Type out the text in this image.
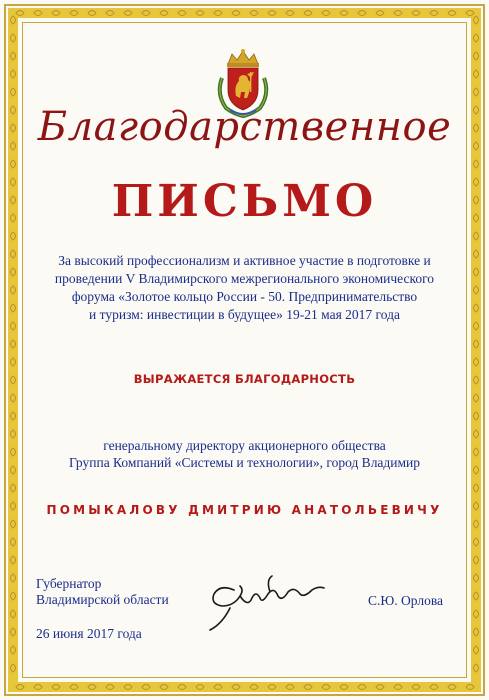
Благодарственное
ПИСЬМО
За высокий профессионализм и активное участие в подготовке и
проведении V Владимирского межрегионального экономического
форума «Золотое кольцо России - 50. Предпринимательство
и туризм: инвестиции в будущее» 19-21 мая 2017 года
ВЫРАЖАЕТСЯ БЛАГОДАРНОСТЬ
генеральному директору акционерного общества
Группа Компаний «Системы и технологии», город Владимир
ПОМЫКАЛОВУ ДМИТРИЮ АНАТОЛЬЕВИЧУ
Губернатор
Владимирской области	С.Ю. Орлова
26 июня 2017 года
